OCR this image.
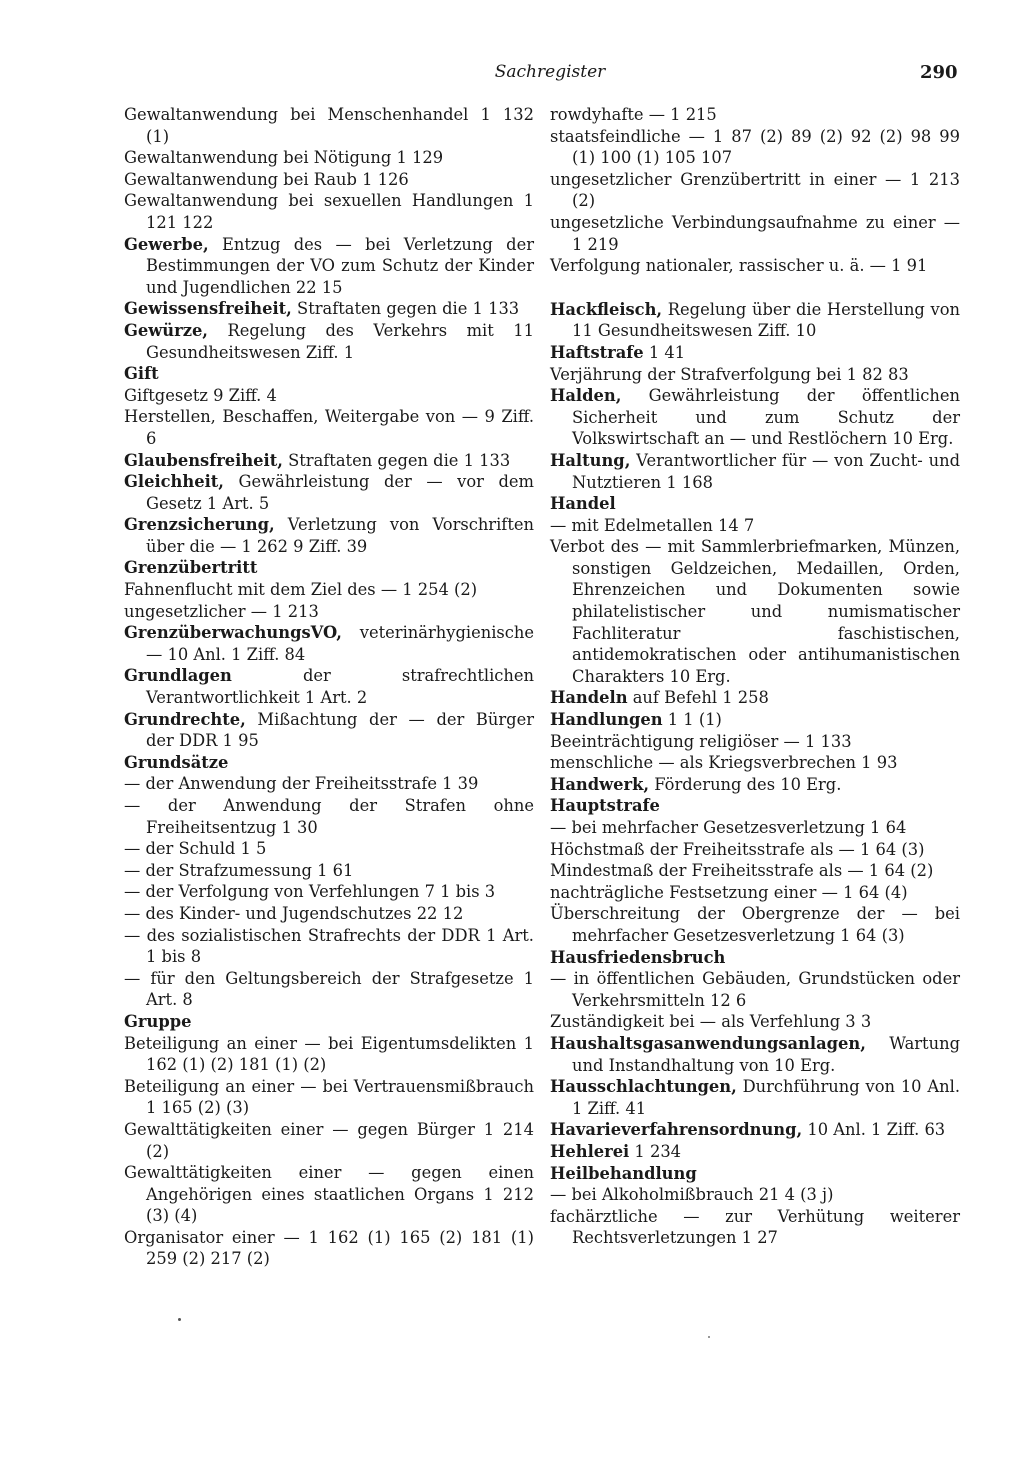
Sachregister	290

Gewaltanwendung bei Menschenhandel 1 132 (1)

Gewaltanwendung bei Nötigung 1 129

Gewaltanwendung bei Raub 1 126

Gewaltanwendung bei sexuellen Handlungen 1 121 122

Gewerbe, Entzug des — bei Verletzung der Bestimmungen der VO zum Schutz der Kinder und Jugendlichen 22 15

Gewissensfreiheit, Straftaten gegen die 1 133

Gewürze, Regelung des Verkehrs mit 11 Gesundheitswesen Ziff. 1

Gift

Giftgesetz 9 Ziff. 4

Herstellen, Beschaffen, Weitergabe von — 9 Ziff. 6

Glaubensfreiheit, Straftaten gegen die 1 133

Gleichheit, Gewährleistung der — vor dem Gesetz 1 Art. 5

Grenzsicherung, Verletzung von Vorschriften über die — 1 262 9 Ziff. 39

Grenzübertritt

Fahnenflucht mit dem Ziel des — 1 254 (2)

ungesetzlicher — 1 213

GrenzüberwachungsVO, veterinärhygienische — 10 Anl. 1 Ziff. 84

Grundlagen der strafrechtlichen Verantwortlichkeit 1 Art. 2

Grundrechte, Mißachtung der — der Bürger der DDR 1 95

Grundsätze

— der Anwendung der Freiheitsstrafe 1 39

— der Anwendung der Strafen ohne Freiheitsentzug 1 30

— der Schuld 1 5

— der Strafzumessung 1 61

— der Verfolgung von Verfehlungen 7 1 bis 3

— des Kinder- und Jugendschutzes 22 12

— des sozialistischen Strafrechts der DDR 1 Art. 1 bis 8

— für den Geltungsbereich der Strafgesetze 1 Art. 8

Gruppe

Beteiligung an einer — bei Eigentumsdelikten 1 162 (1) (2) 181 (1) (2)

Beteiligung an einer — bei Vertrauensmißbrauch 1 165 (2) (3)

Gewalttätigkeiten einer — gegen Bürger 1 214 (2)

Gewalttätigkeiten einer — gegen einen Angehörigen eines staatlichen Organs 1 212 (3) (4)

Organisator einer — 1 162 (1) 165 (2) 181 (1) 259 (2) 217 (2)

rowdyhafte — 1 215

staatsfeindliche — 1 87 (2) 89 (2) 92 (2) 98 99 (1) 100 (1) 105 107

ungesetzlicher Grenzübertritt in einer — 1 213 (2)

ungesetzliche Verbindungsaufnahme zu einer — 1 219

Verfolgung nationaler, rassischer u. ä. — 1 91

Hackfleisch, Regelung über die Herstellung von 11 Gesundheitswesen Ziff. 10

Haftstrafe 1 41

Verjährung der Strafverfolgung bei 1 82 83

Halden, Gewährleistung der öffentlichen Sicherheit und zum Schutz der Volkswirtschaft an — und Restlöchern 10 Erg.

Haltung, Verantwortlicher für — von Zucht- und Nutztieren 1 168

Handel

— mit Edelmetallen 14 7

Verbot des — mit Sammlerbriefmarken, Münzen, sonstigen Geldzeichen, Medaillen, Orden, Ehrenzeichen und Dokumenten sowie philatelistischer und numismatischer Fachliteratur faschistischen, antidemokratischen oder antihumanistischen Charakters 10 Erg.

Handeln auf Befehl 1 258

Handlungen 1 1 (1)

Beeinträchtigung religiöser — 1 133

menschliche — als Kriegsverbrechen 1 93

Handwerk, Förderung des 10 Erg.

Hauptstrafe

— bei mehrfacher Gesetzesverletzung 1 64

Höchstmaß der Freiheitsstrafe als — 1 64 (3)

Mindestmaß der Freiheitsstrafe als — 1 64 (2)

nachträgliche Festsetzung einer — 1 64 (4)

Überschreitung der Obergrenze der — bei mehrfacher Gesetzesverletzung 1 64 (3)

Hausfriedensbruch

— in öffentlichen Gebäuden, Grundstücken oder Verkehrsmitteln 12 6

Zuständigkeit bei — als Verfehlung 3 3

Haushaltsgasanwendungsanlagen, Wartung und Instandhaltung von 10 Erg.

Hausschlachtungen, Durchführung von 10 Anl. 1 Ziff. 41

Havarieverfahrensordnung, 10 Anl. 1 Ziff. 63

Hehlerei 1 234

Heilbehandlung

— bei Alkoholmißbrauch 21 4 (3 j)

fachärztliche — zur Verhütung weiterer Rechtsverletzungen 1 27
